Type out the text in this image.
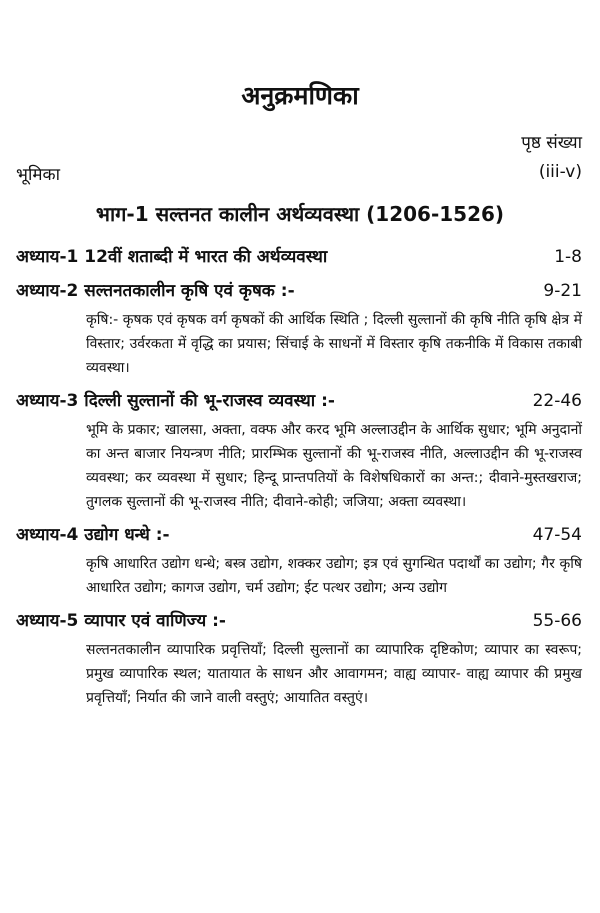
अनुक्रमणिका
पृष्ठ संख्या
भूमिका	(iii-v)
भाग-1 सल्तनत कालीन अर्थव्यवस्था (1206-1526)
अध्याय-1 12वीं शताब्दी में भारत की अर्थव्यवस्था	1-8
अध्याय-2 सल्तनतकालीन कृषि एवं कृषक :-	9-21
कृषि:- कृषक एवं कृषक वर्ग कृषकों की आर्थिक स्थिति ; दिल्ली सुल्तानों की कृषि नीति कृषि क्षेत्र में विस्तार; उर्वरकता में वृद्धि का प्रयास; सिंचाई के साधनों में विस्तार कृषि तकनीकि में विकास तकाबी व्यवस्था।
अध्याय-3 दिल्ली सुल्तानों की भू-राजस्व व्यवस्था :-	22-46
भूमि के प्रकार; खालसा, अक्ता, वक्फ और करद भूमि अल्लाउद्दीन के आर्थिक सुधार; भूमि अनुदानों का अन्त बाजार नियन्त्रण नीति; प्रारम्भिक सुल्तानों की भू-राजस्व नीति, अल्लाउद्दीन की भू-राजस्व व्यवस्था; कर व्यवस्था में सुधार; हिन्दू प्रान्तपतियों के विशेषधिकारों का अन्त:; दीवाने-मुस्तखराज; तुगलक सुल्तानों की भू-राजस्व नीति; दीवाने-कोही; जजिया; अक्ता व्यवस्था।
अध्याय-4 उद्योग धन्धे :-	47-54
कृषि आधारित उद्योग धन्धे; बस्त्र उद्योग, शक्कर उद्योग; इत्र एवं सुगन्धित पदार्थों का उद्योग; गैर कृषि आधारित उद्योग; कागज उद्योग, चर्म उद्योग; ईट पत्थर उद्योग; अन्य उद्योग
अध्याय-5 व्यापार एवं वाणिज्य :-	55-66
सल्तनतकालीन व्यापारिक प्रवृत्तियाँ; दिल्ली सुल्तानों का व्यापारिक दृष्टिकोण; व्यापार का स्वरूप; प्रमुख व्यापारिक स्थल; यातायात के साधन और आवागमन; वाह्य व्यापार- वाह्य व्यापार की प्रमुख प्रवृत्तियाँ; निर्यात की जाने वाली वस्तुएं; आयातित वस्तुएं।
